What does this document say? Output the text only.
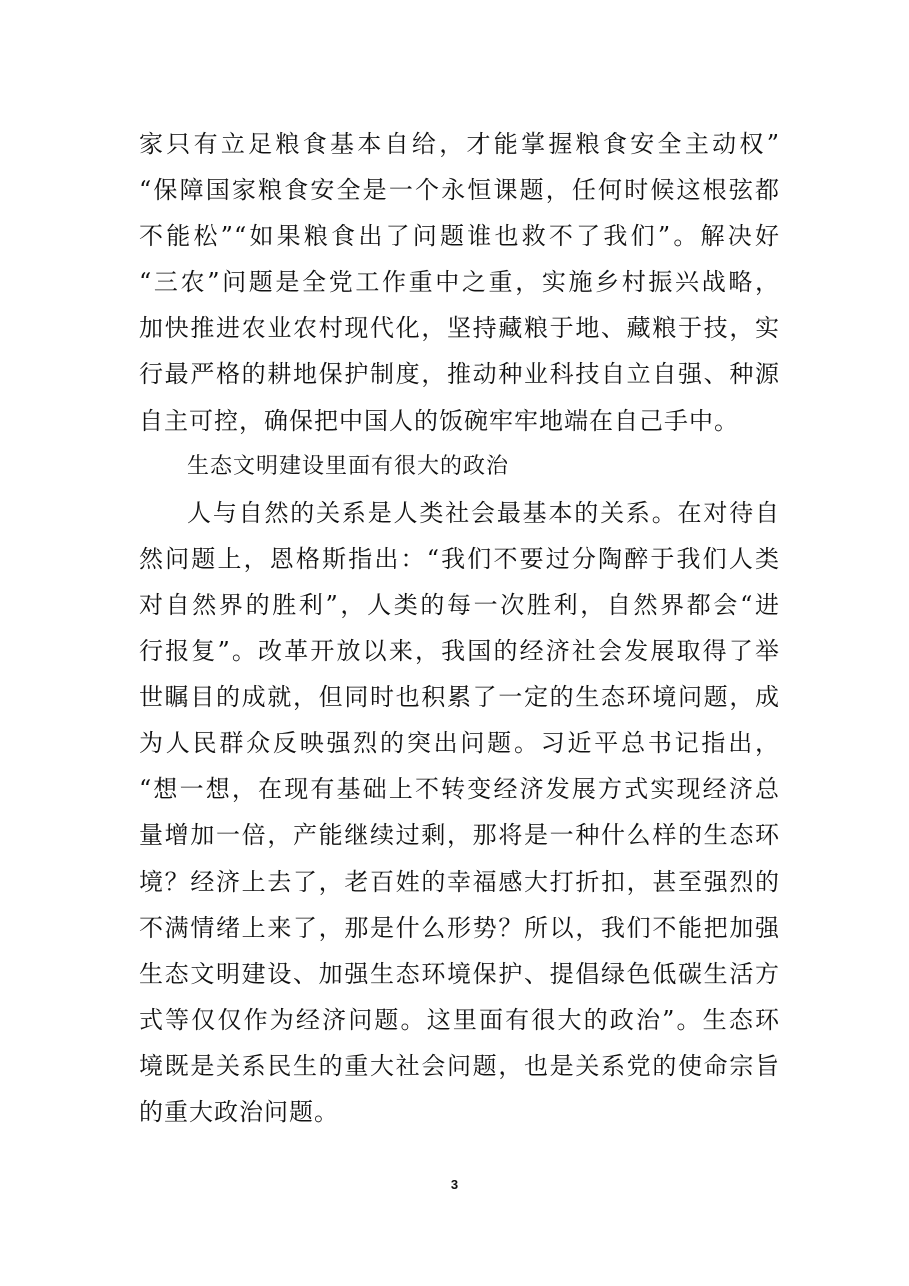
家只有立足粮食基本自给，才能掌握粮食安全主动权”
“保障国家粮食安全是一个永恒课题，任何时候这根弦都
不能松”“如果粮食出了问题谁也救不了我们”。解决好
“三农”问题是全党工作重中之重，实施乡村振兴战略，
加快推进农业农村现代化，坚持藏粮于地、藏粮于技，实
行最严格的耕地保护制度，推动种业科技自立自强、种源
自主可控，确保把中国人的饭碗牢牢地端在自己手中。
生态文明建设里面有很大的政治
人与自然的关系是人类社会最基本的关系。在对待自
然问题上，恩格斯指出：“我们不要过分陶醉于我们人类
对自然界的胜利”，人类的每一次胜利，自然界都会“进
行报复”。改革开放以来，我国的经济社会发展取得了举
世瞩目的成就，但同时也积累了一定的生态环境问题，成
为人民群众反映强烈的突出问题。习近平总书记指出，
“想一想，在现有基础上不转变经济发展方式实现经济总
量增加一倍，产能继续过剩，那将是一种什么样的生态环
境？经济上去了，老百姓的幸福感大打折扣，甚至强烈的
不满情绪上来了，那是什么形势？所以，我们不能把加强
生态文明建设、加强生态环境保护、提倡绿色低碳生活方
式等仅仅作为经济问题。这里面有很大的政治”。生态环
境既是关系民生的重大社会问题，也是关系党的使命宗旨
的重大政治问题。
3
